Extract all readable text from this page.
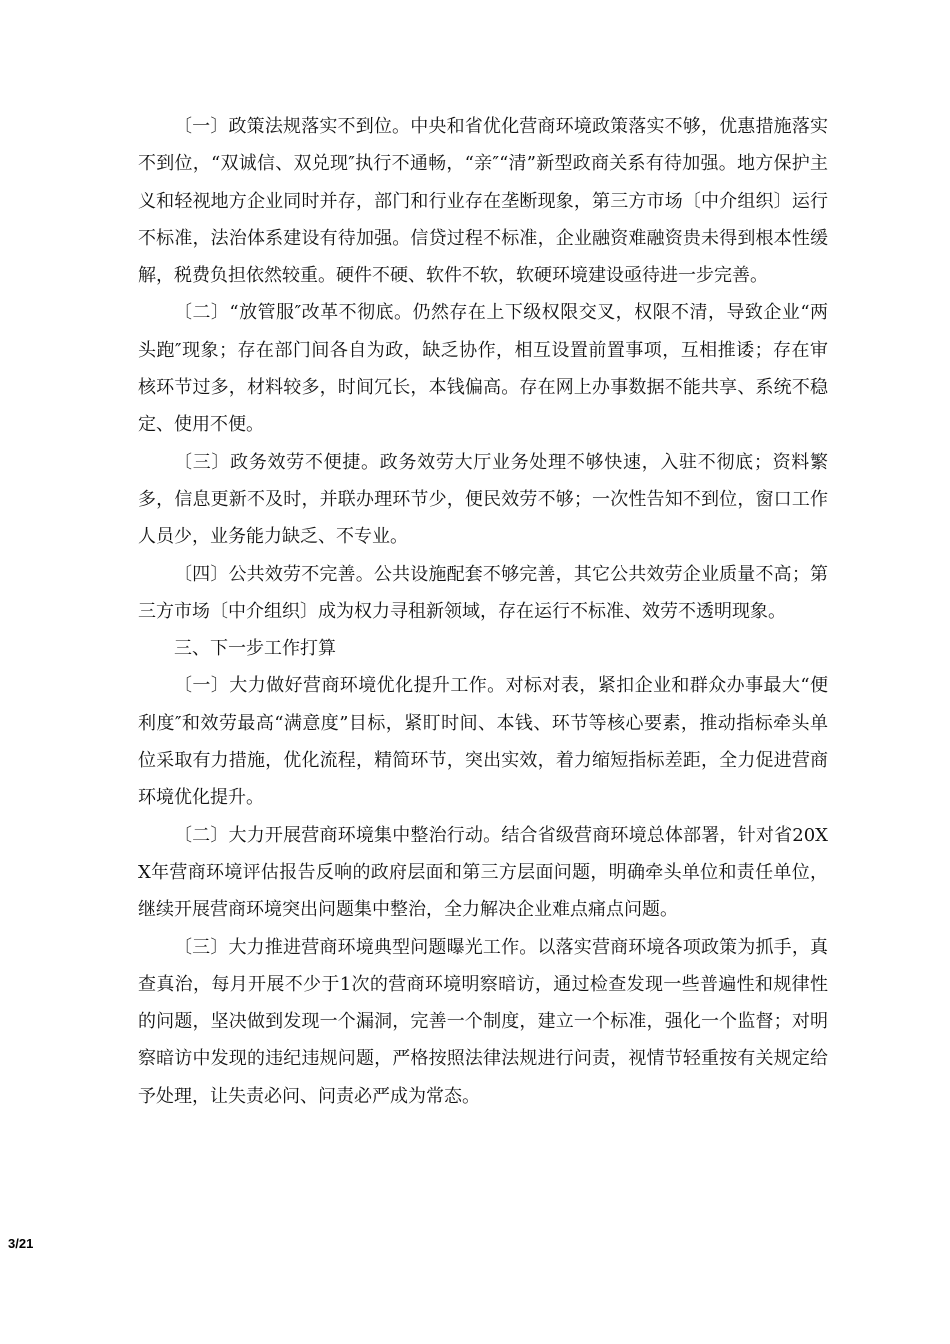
〔一〕政策法规落实不到位。中央和省优化营商环境政策落实不够，优惠措施落实不到位，“双诚信、双兑现″执行不通畅，“亲″“清”新型政商关系有待加强。地方保护主义和轻视地方企业同时并存，部门和行业存在垄断现象，第三方市场〔中介组织〕运行不标准，法治体系建设有待加强。信贷过程不标准，企业融资难融资贵未得到根本性缓解，税费负担依然较重。硬件不硬、软件不软，软硬环境建设亟待进一步完善。

〔二〕“放管服″改革不彻底。仍然存在上下级权限交叉，权限不清，导致企业“两头跑″现象；存在部门间各自为政，缺乏协作，相互设置前置事项，互相推诿；存在审核环节过多，材料较多，时间冗长，本钱偏高。存在网上办事数据不能共享、系统不稳定、使用不便。

〔三〕政务效劳不便捷。政务效劳大厅业务处理不够快速，入驻不彻底；资料繁多，信息更新不及时，并联办理环节少，便民效劳不够；一次性告知不到位，窗口工作人员少，业务能力缺乏、不专业。

〔四〕公共效劳不完善。公共设施配套不够完善，其它公共效劳企业质量不高；第三方市场〔中介组织〕成为权力寻租新领域，存在运行不标准、效劳不透明现象。

三、下一步工作打算

〔一〕大力做好营商环境优化提升工作。对标对表，紧扣企业和群众办事最大“便利度″和效劳最高“满意度”目标，紧盯时间、本钱、环节等核心要素，推动指标牵头单位采取有力措施，优化流程，精简环节，突出实效，着力缩短指标差距，全力促进营商环境优化提升。

〔二〕大力开展营商环境集中整治行动。结合省级营商环境总体部署，针对省20XX年营商环境评估报告反响的政府层面和第三方层面问题，明确牵头单位和责任单位，继续开展营商环境突出问题集中整治，全力解决企业难点痛点问题。

〔三〕大力推进营商环境典型问题曝光工作。以落实营商环境各项政策为抓手，真查真治，每月开展不少于1次的营商环境明察暗访，通过检查发现一些普遍性和规律性的问题，坚决做到发现一个漏洞，完善一个制度，建立一个标准，强化一个监督；对明察暗访中发现的违纪违规问题，严格按照法律法规进行问责，视情节轻重按有关规定给予处理，让失责必问、问责必严成为常态。

3/21
